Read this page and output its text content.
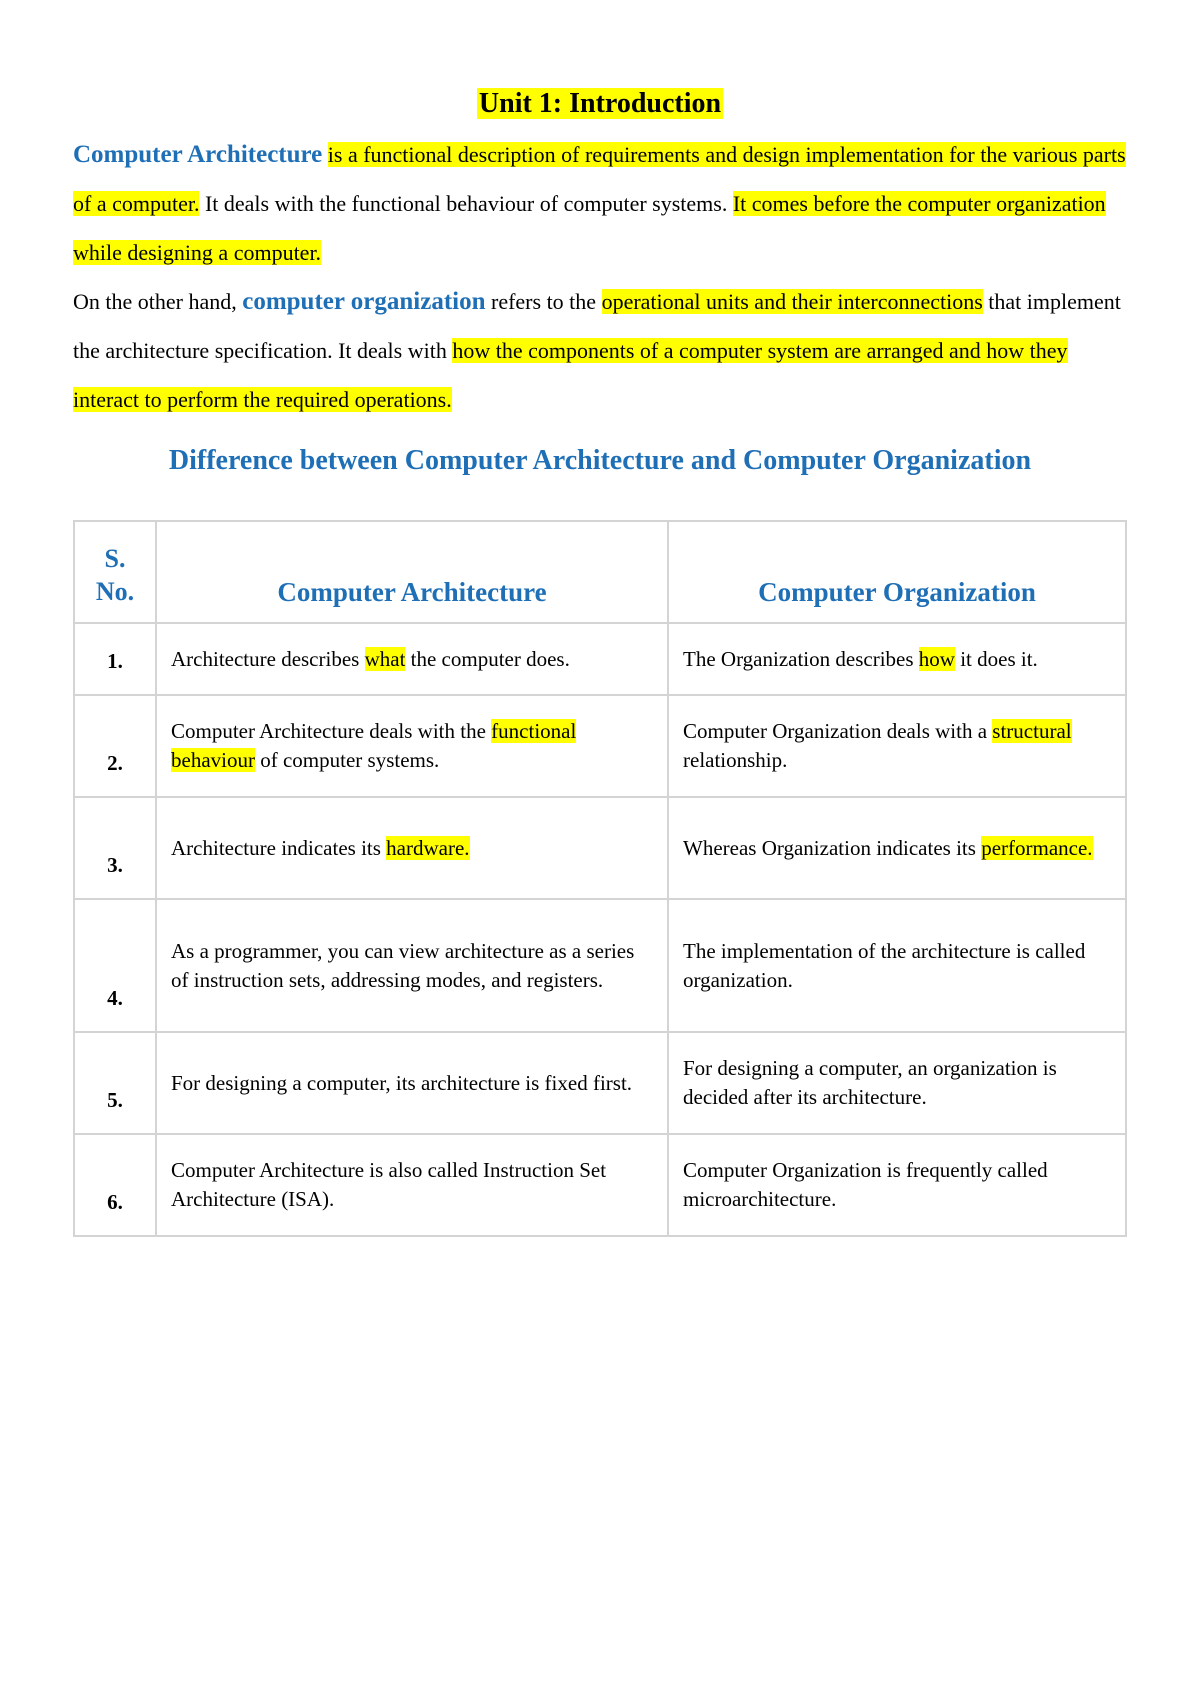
Unit 1: Introduction

Computer Architecture is a functional description of requirements and design implementation for the various parts of a computer. It deals with the functional behaviour of computer systems. It comes before the computer organization while designing a computer.

On the other hand, computer organization refers to the operational units and their interconnections that implement the architecture specification. It deals with how the components of a computer system are arranged and how they interact to perform the required operations.

Difference between Computer Architecture and Computer Organization
S.
No.	Computer Architecture	Computer Organization
1.	Architecture describes what the computer does.	The Organization describes how it does it.
2.	Computer Architecture deals with the functional behaviour of computer systems.	Computer Organization deals with a structural relationship.
3.	Architecture indicates its hardware.	Whereas Organization indicates its performance.
4.	As a programmer, you can view architecture as a series of instruction sets, addressing modes, and registers.	The implementation of the architecture is called organization.
5.	For designing a computer, its architecture is fixed first.	For designing a computer, an organization is decided after its architecture.
6.	Computer Architecture is also called Instruction Set Architecture (ISA).	Computer Organization is frequently called microarchitecture.
